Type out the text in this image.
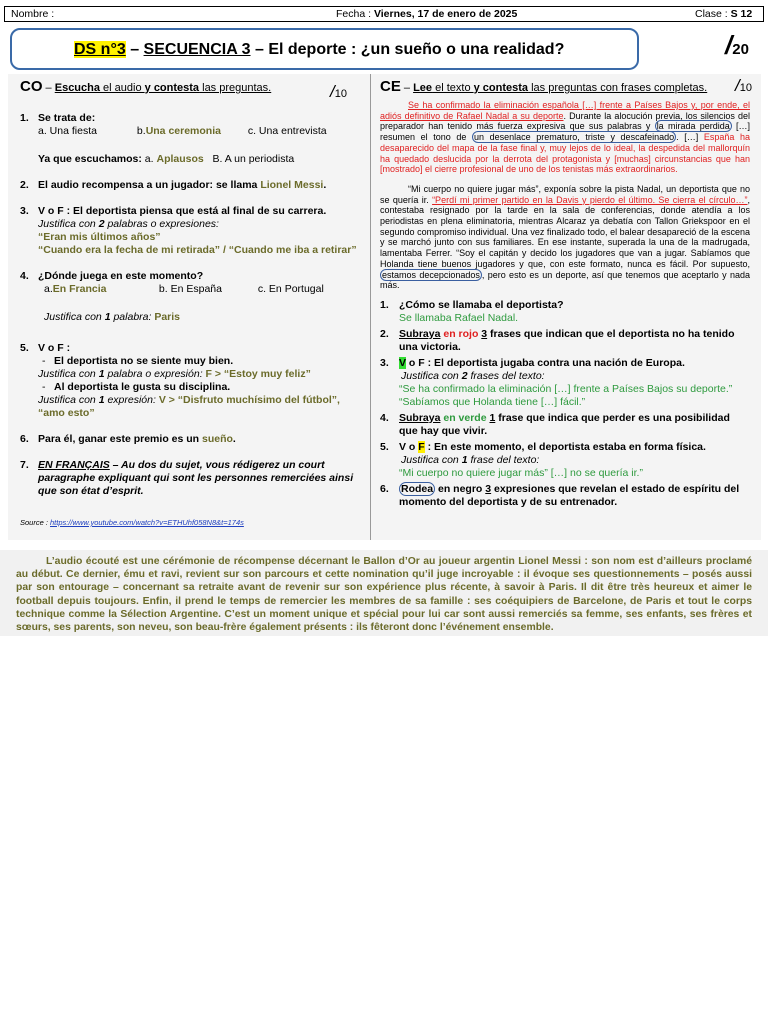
Nombre :	Fecha : Viernes, 17 de enero de 2025	Clase : S 12
DS n°3 – SECUENCIA 3 – El deporte : ¿un sueño o una realidad?	/20
CO – Escucha el audio y contesta las preguntas.	/10
1. Se trata de:

a. Una fiesta	b.Una ceremonia	c. Una entrevista
Ya que escuchamos: a. Aplausos B. A un periodista
2. El audio recompensa a un jugador: se llama Lionel Messi.
3. V o F : El deportista piensa que está al final de su carrera.
Justifica con 2 palabras o expresiones:
“Eran mis últimos años”
“Cuando era la fecha de mi retirada” / “Cuando me iba a retirar”
4. ¿Dónde juega en este momento?

a.En Francia	b. En España	c. En Portugal
Justifica con 1 palabra: Paris
5. V o F :
- El deportista no se siente muy bien.
Justifica con 1 palabra o expresión: F > “Estoy muy feliz”
- Al deportista le gusta su disciplina.
Justifica con 1 expresión: V > “Disfruto muchísimo del fútbol”, “amo esto”
6. Para él, ganar este premio es un sueño.
7. EN FRANÇAIS – Au dos du sujet, vous rédigerez un court paragraphe expliquant qui sont les personnes remerciées ainsi que son état d’esprit.
Source : https://www.youtube.com/watch?v=ETHUhf058N8&t=174s
CE – Lee el texto y contesta las preguntas con frases completas. /10

Se ha confirmado la eliminación española […] frente a Países Bajos y, por ende, el adiós definitivo de Rafael Nadal a su deporte. Durante la alocución previa, los silencios del preparador han tenido más fuerza expresiva que sus palabras y la mirada perdida […] resumen el tono de un desenlace prematuro, triste y descafeinado . […] España ha desaparecido del mapa de la fase final y, muy lejos de lo ideal, la despedida del mallorquín ha quedado deslucida por la derrota del protagonista y [muchas] circunstancias que han [mostrado] el cierre profesional de uno de los tenistas más extraordinarios.

“Mi cuerpo no quiere jugar más”, exponía sobre la pista Nadal, un deportista que no se quería ir. “Perdí mi primer partido en la Davis y pierdo el último. Se cierra el círculo…”, contestaba resignado por la tarde en la sala de conferencias, donde atendía a los periodistas en plena eliminatoria, mientras Alcaraz ya debatía con Tallon Griekspoor en el segundo compromiso individual. Una vez finalizado todo, el balear desapareció de la escena y se marchó junto con sus familiares. En ese instante, superada la una de la madrugada, lamentaba Ferrer. “Soy el capitán y decido los jugadores que van a jugar. Sabíamos que Holanda tiene buenos jugadores y que, con este formato, nunca es fácil. Por supuesto, estamos decepcionados , pero esto es un deporte, así que tenemos que aceptarlo y nada más.

1. ¿Cómo se llamaba el deportista?
Se llamaba Rafael Nadal.
2. Subraya en rojo 3 frases que indican que el deportista no ha tenido una victoria.
3. V o F : El deportista jugaba contra una nación de Europa.
Justifica con 2 frases del texto:
“Se ha confirmado la eliminación […] frente a Países Bajos su deporte.”
“Sabíamos que Holanda tiene […] fácil.”
4. Subraya en verde 1 frase que indica que perder es una posibilidad que hay que vivir.
5. V o F : En este momento, el deportista estaba en forma física.
Justifica con 1 frase del texto:
“Mi cuerpo no quiere jugar más” […] no se quería ir.”
6. Rodea en negro 3 expresiones que revelan el estado de espíritu del momento del deportista y de su entrenador.

L’audio écouté est une cérémonie de récompense décernant le Ballon d’Or au joueur argentin Lionel Messi : son nom est d’ailleurs proclamé au début. Ce dernier, ému et ravi, revient sur son parcours et cette nomination qu’il juge incroyable : il évoque ses questionnements – posés aussi par son entourage – concernant sa retraite avant de revenir sur son expérience plus récente, à savoir à Paris. Il dit être très heureux et aimer le football depuis toujours. Enfin, il prend le temps de remercier les membres de sa famille : ses coéquipiers de Barcelone, de Paris et tout le corps technique comme la Sélection Argentine. C’est un moment unique et spécial pour lui car sont aussi remerciés sa femme, ses enfants, ses frères et sœurs, ses parents, son neveu, son beau-frère également présents : ils fêteront donc l’événement ensemble.
